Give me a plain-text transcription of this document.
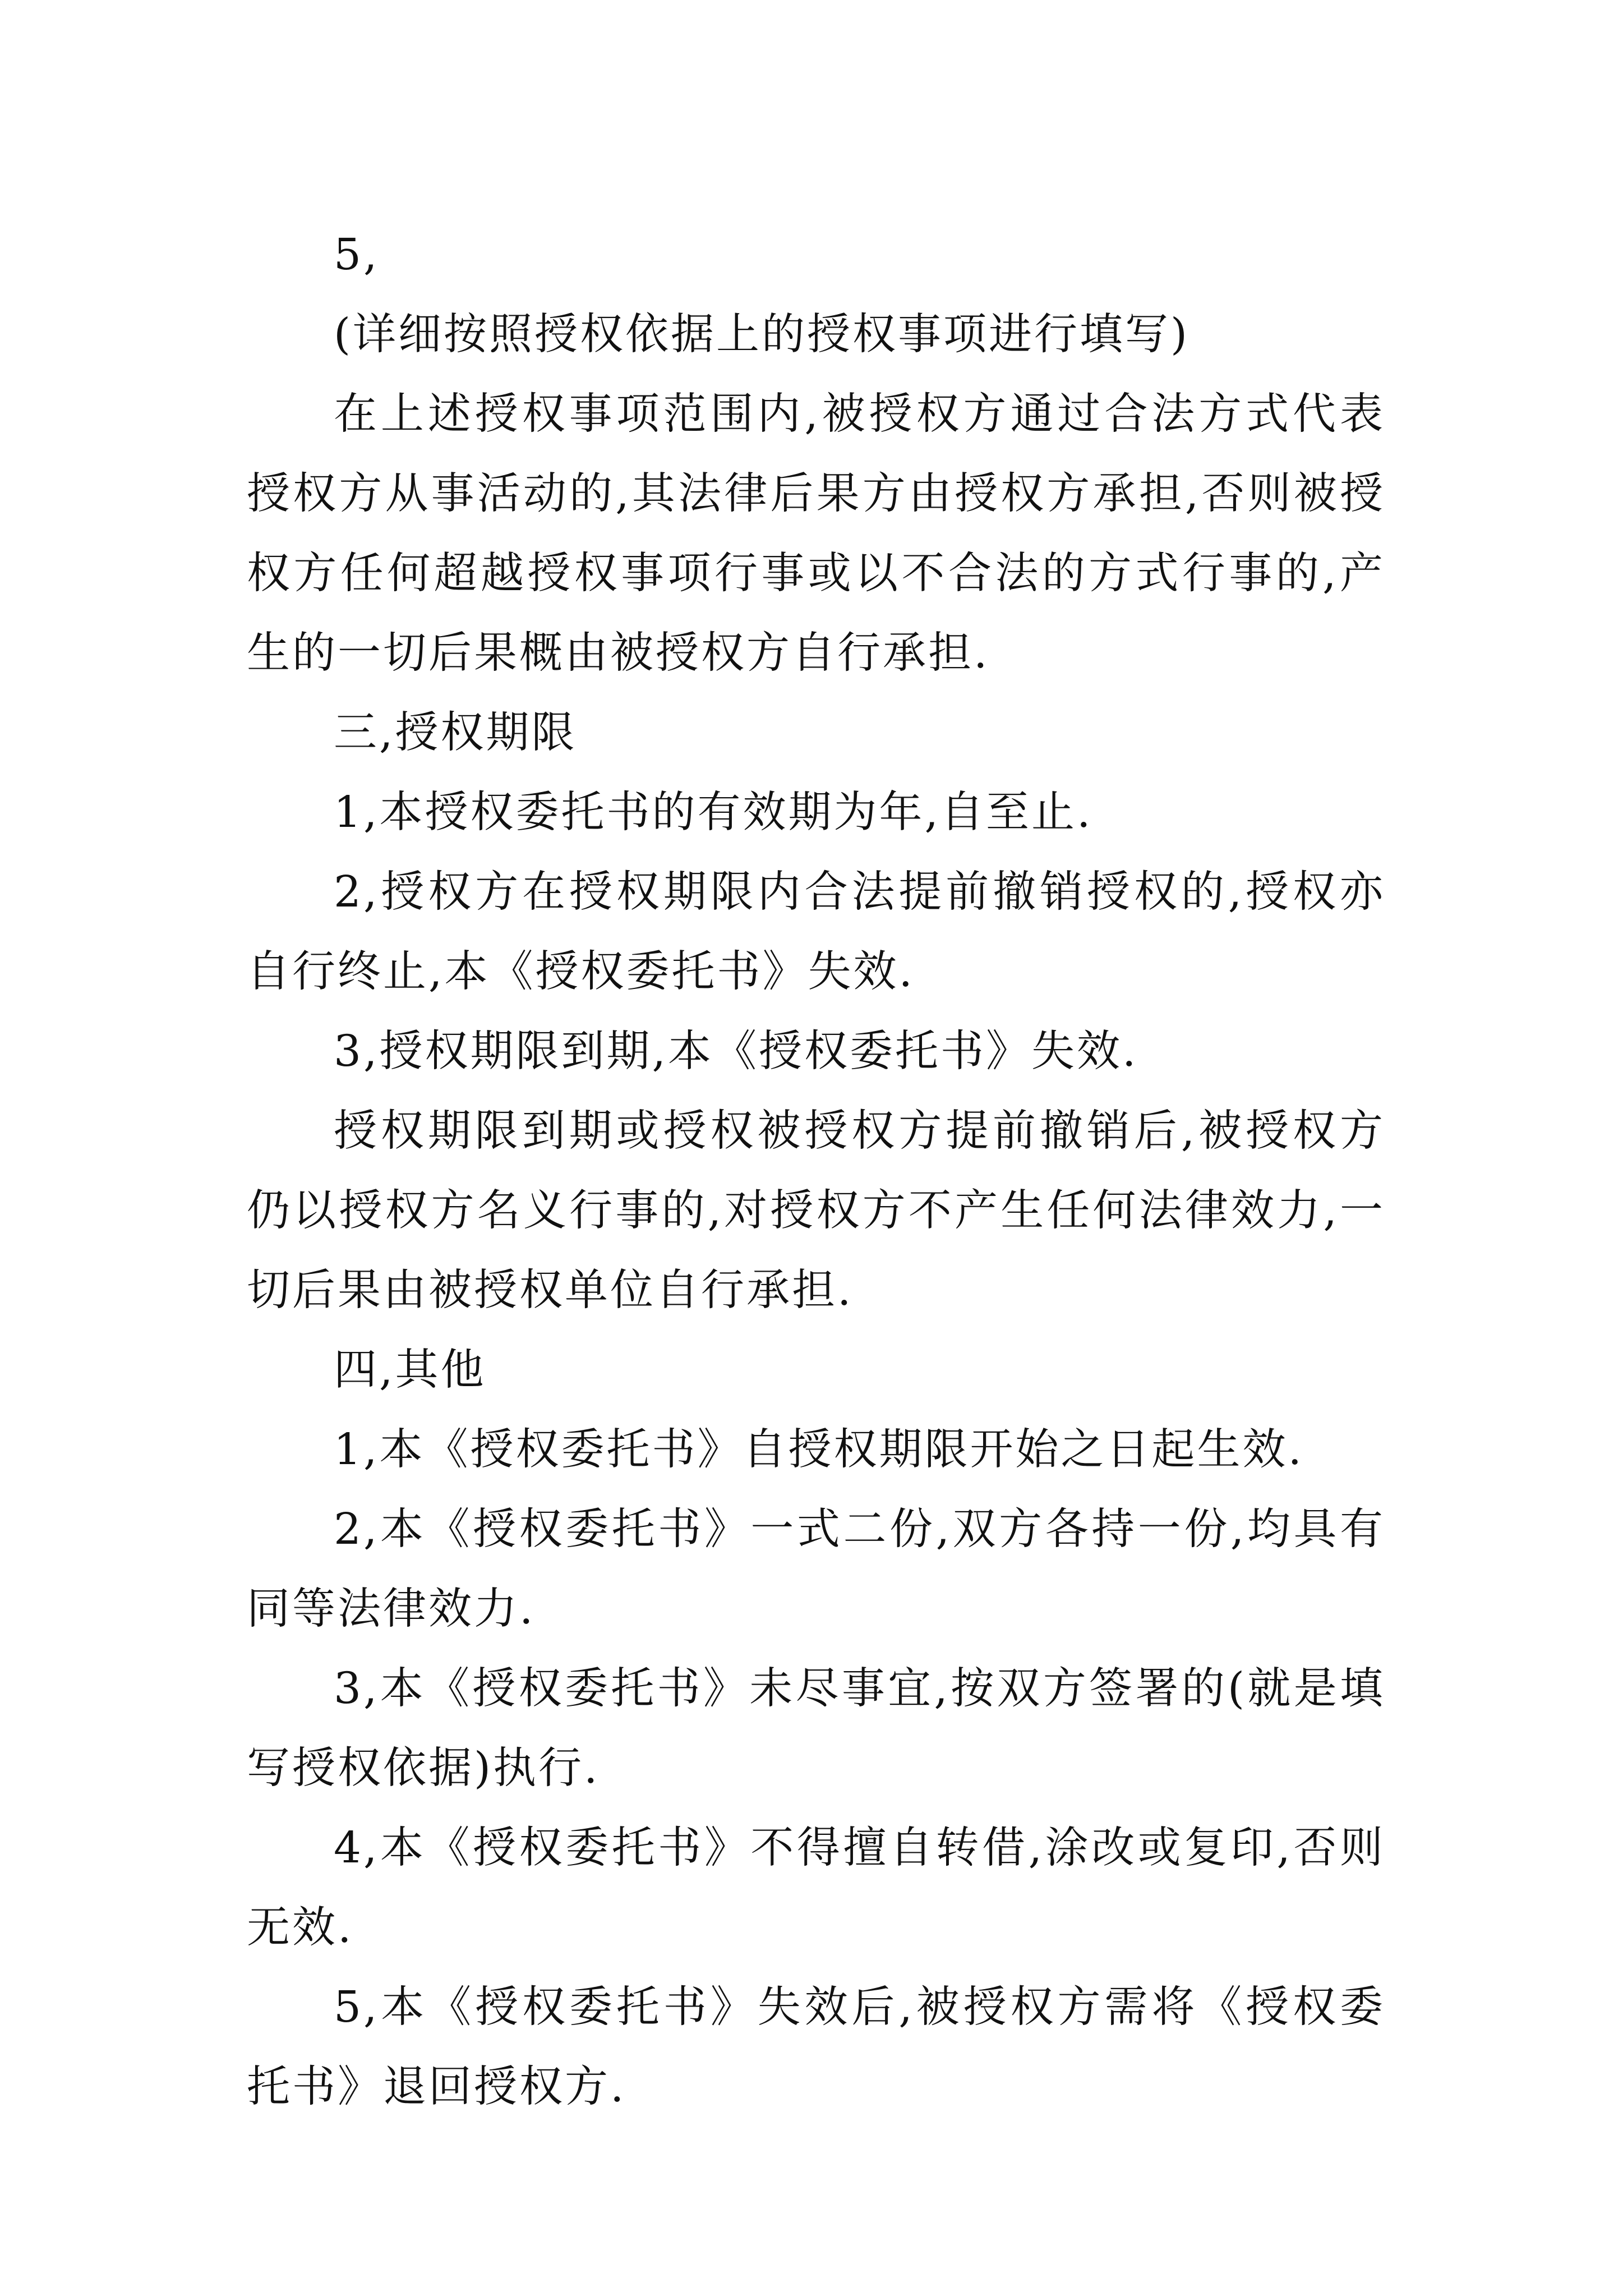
5,

(详细按照授权依据上的授权事项进行填写)

在上述授权事项范围内,被授权方通过合法方式代表授权方从事活动的,其法律后果方由授权方承担,否则被授权方任何超越授权事项行事或以不合法的方式行事的,产生的一切后果概由被授权方自行承担.

三,授权期限

1,本授权委托书的有效期为年,自至止.

2,授权方在授权期限内合法提前撤销授权的,授权亦自行终止,本《授权委托书》失效.

3,授权期限到期,本《授权委托书》失效.

授权期限到期或授权被授权方提前撤销后,被授权方仍以授权方名义行事的,对授权方不产生任何法律效力,一切后果由被授权单位自行承担.

四,其他

1,本《授权委托书》自授权期限开始之日起生效.

2,本《授权委托书》一式二份,双方各持一份,均具有同等法律效力.

3,本《授权委托书》未尽事宜,按双方签署的(就是填写授权依据)执行.

4,本《授权委托书》不得擅自转借,涂改或复印,否则无效.

5,本《授权委托书》失效后,被授权方需将《授权委托书》退回授权方.
